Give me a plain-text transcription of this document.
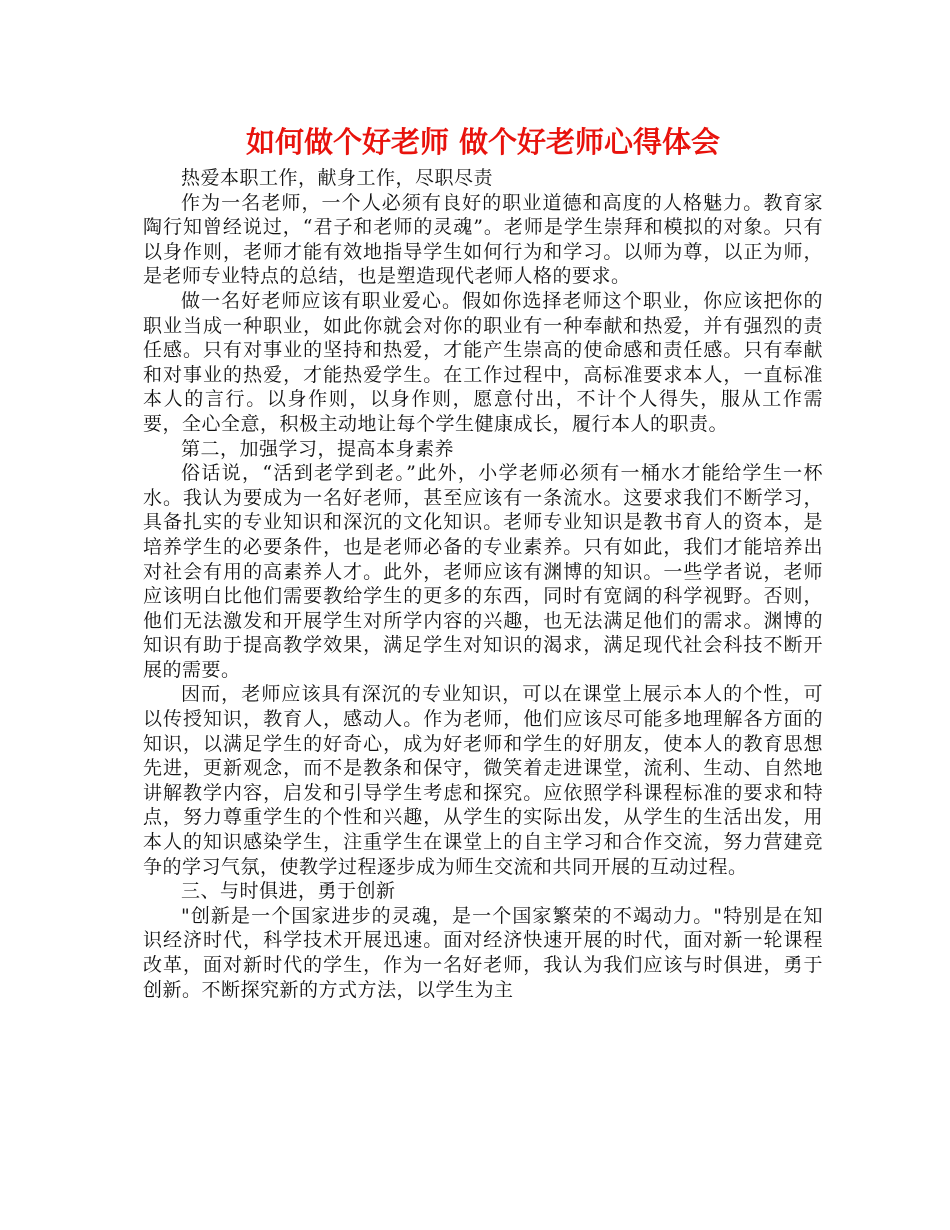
如何做个好老师 做个好老师心得体会

热爱本职工作，献身工作，尽职尽责

作为一名老师，一个人必须有良好的职业道德和高度的人格魅力。教育家陶行知曾经说过，“君子和老师的灵魂”。老师是学生崇拜和模拟的对象。只有以身作则，老师才能有效地指导学生如何行为和学习。以师为尊，以正为师，是老师专业特点的总结，也是塑造现代老师人格的要求。

做一名好老师应该有职业爱心。假如你选择老师这个职业，你应该把你的职业当成一种职业，如此你就会对你的职业有一种奉献和热爱，并有强烈的责任感。只有对事业的坚持和热爱，才能产生崇高的使命感和责任感。只有奉献和对事业的热爱，才能热爱学生。在工作过程中，高标准要求本人，一直标准本人的言行。以身作则，以身作则，愿意付出，不计个人得失，服从工作需要，全心全意，积极主动地让每个学生健康成长，履行本人的职责。

第二，加强学习，提高本身素养

俗话说，“活到老学到老。”此外，小学老师必须有一桶水才能给学生一杯水。我认为要成为一名好老师，甚至应该有一条流水。这要求我们不断学习，具备扎实的专业知识和深沉的文化知识。老师专业知识是教书育人的资本，是培养学生的必要条件，也是老师必备的专业素养。只有如此，我们才能培养出对社会有用的高素养人才。此外，老师应该有渊博的知识。一些学者说，老师应该明白比他们需要教给学生的更多的东西，同时有宽阔的科学视野。否则，他们无法激发和开展学生对所学内容的兴趣，也无法满足他们的需求。渊博的知识有助于提高教学效果，满足学生对知识的渴求，满足现代社会科技不断开展的需要。

因而，老师应该具有深沉的专业知识，可以在课堂上展示本人的个性，可以传授知识，教育人，感动人。作为老师，他们应该尽可能多地理解各方面的知识，以满足学生的好奇心，成为好老师和学生的好朋友，使本人的教育思想先进，更新观念，而不是教条和保守，微笑着走进课堂，流利、生动、自然地讲解教学内容，启发和引导学生考虑和探究。应依照学科课程标准的要求和特点，努力尊重学生的个性和兴趣，从学生的实际出发，从学生的生活出发，用本人的知识感染学生，注重学生在课堂上的自主学习和合作交流，努力营建竞争的学习气氛，使教学过程逐步成为师生交流和共同开展的互动过程。

三、与时俱进，勇于创新

"创新是一个国家进步的灵魂，是一个国家繁荣的不竭动力。"特别是在知识经济时代，科学技术开展迅速。面对经济快速开展的时代，面对新一轮课程改革，面对新时代的学生，作为一名好老师，我认为我们应该与时俱进，勇于创新。不断探究新的方式方法，以学生为主
